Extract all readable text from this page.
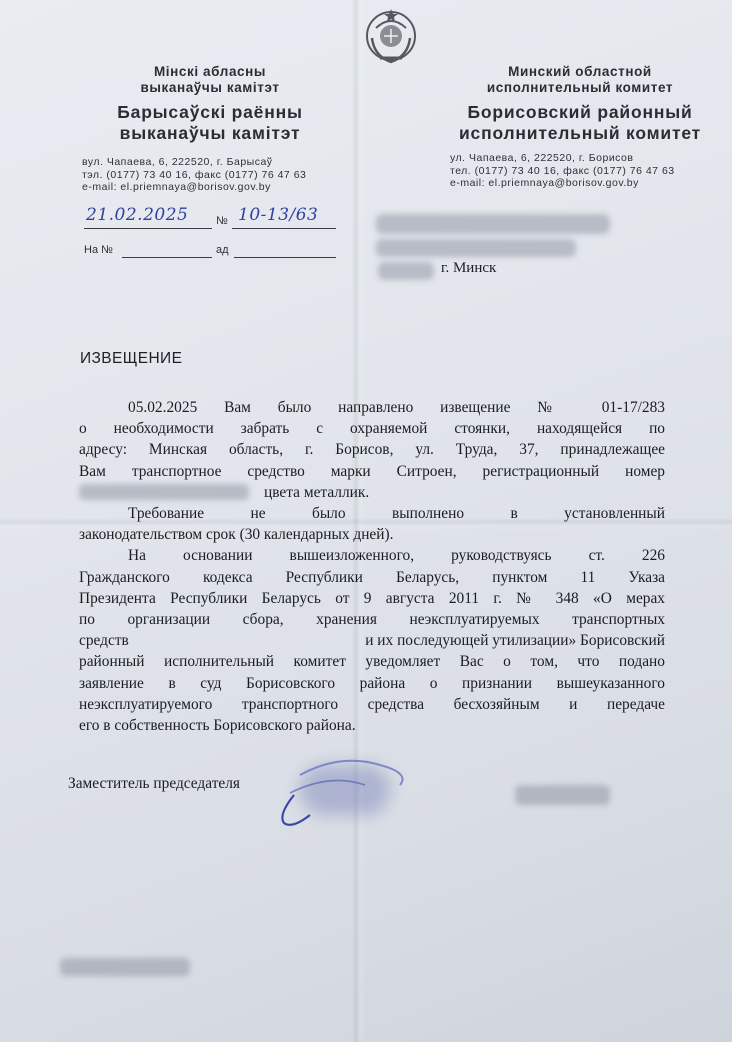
Мінскі абласны
выканаўчы камітэт
Барысаўскі раённы
выканаўчы камітэт
вул. Чапаева, 6, 222520, г. Барысаў
тэл. (0177) 73 40 16, факс (0177) 76 47 63
e-mail: el.priemnaya@borisov.gov.by
Минский областной
исполнительный комитет
Борисовский районный
исполнительный комитет
ул. Чапаева, 6, 222520, г. Борисов
тел. (0177) 73 40 16, факс (0177) 76 47 63
e-mail: el.priemnaya@borisov.gov.by
21.02.2025	№ 10-13/63
На №	ад
г. Минск
ИЗВЕЩЕНИЕ
05.02.2025 Вам было направлено извещение № 01-17/283
о необходимости забрать с охраняемой стоянки, находящейся по
адресу: Минская область, г. Борисов, ул. Труда, 37, принадлежащее
Вам транспортное средство марки Ситроен, регистрационный номер
цвета металлик.
Требование не было выполнено в установленный
законодательством срок (30 календарных дней).
На основании вышеизложенного, руководствуясь ст. 226
Гражданского кодекса Республики Беларусь, пунктом 11 Указа
Президента Республики Беларусь от 9 августа 2011 г. № 348 «О мерах
по организации сбора, хранения неэксплуатируемых транспортных
средств	и их последующей утилизации» Борисовский
районный исполнительный комитет уведомляет Вас о том, что подано
заявление в суд Борисовского района о признании вышеуказанного
неэксплуатируемого транспортного средства бесхозяйным и передаче
его в собственность Борисовского района.
Заместитель председателя
